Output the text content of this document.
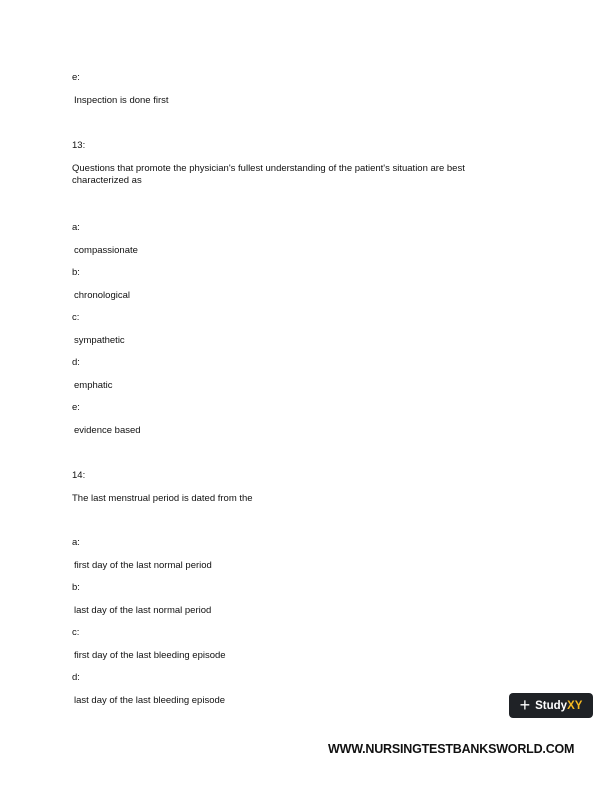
e:
Inspection is done first
13:
Questions that promote the physician's fullest understanding of the patient's situation are best characterized as
a:
compassionate
b:
chronological
c:
sympathetic
d:
emphatic
e:
evidence based
14:
The last menstrual period is dated from the
a:
first day of the last normal period
b:
last day of the last normal period
c:
first day of the last bleeding episode
d:
last day of the last bleeding episode	+ StudyXY
WWW.NURSINGTESTBANKSWORLD.COM
